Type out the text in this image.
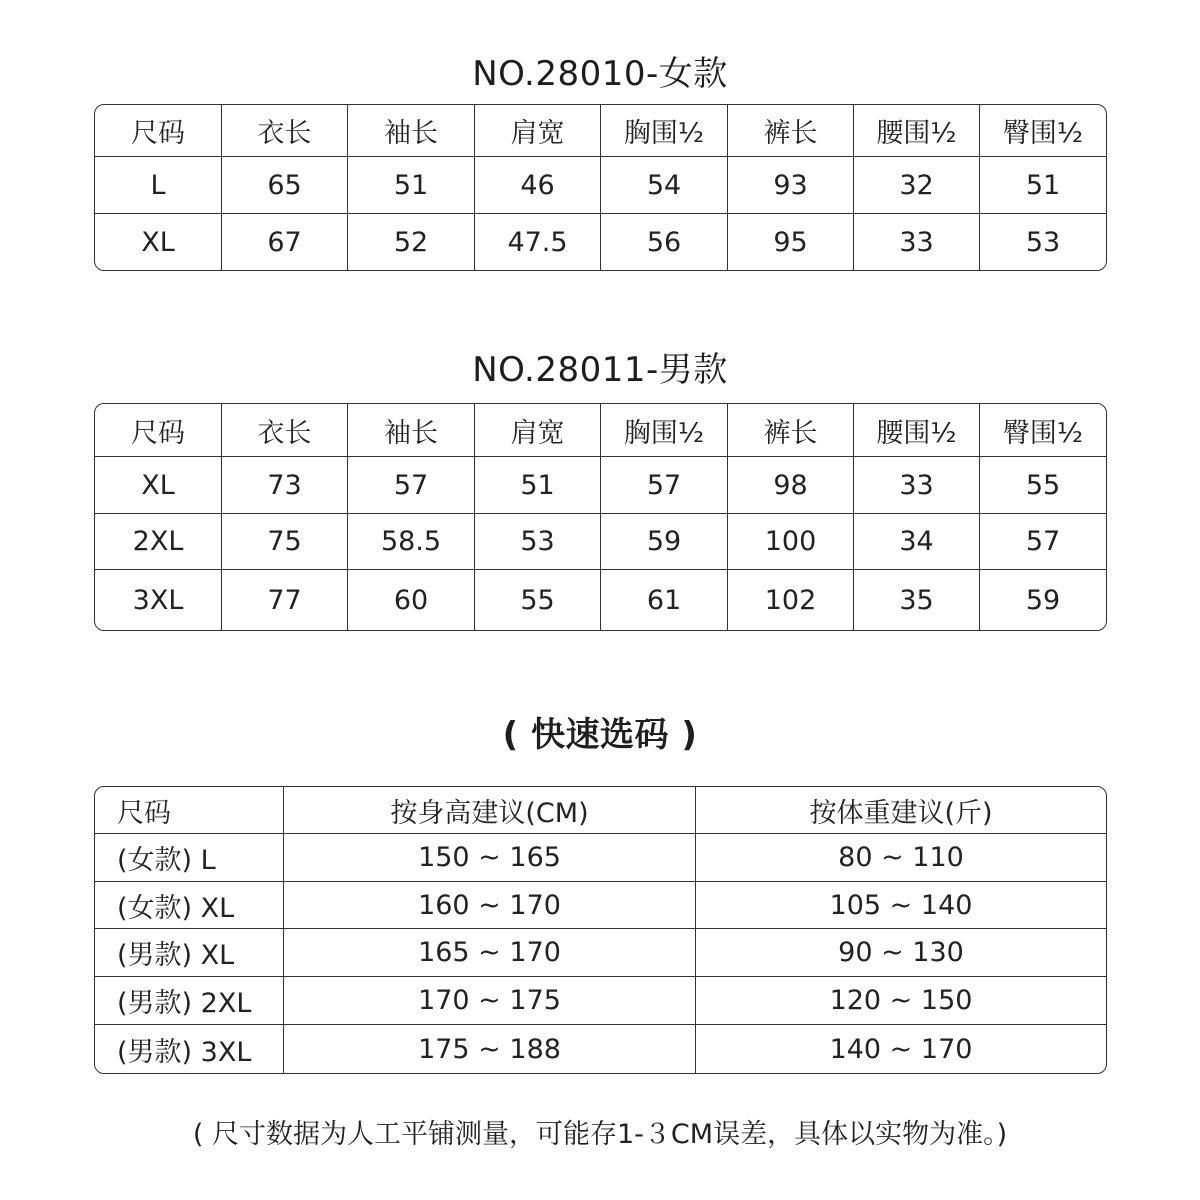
NO.28010-女款
尺码	衣长	袖长	肩宽	胸围½	裤长	腰围½	臀围½
L	65	51	46	54	93	32	51
XL	67	52	47.5	56	95	33	53
NO.28011-男款
尺码	衣长	袖长	肩宽	胸围½	裤长	腰围½	臀围½
XL	73	57	51	57	98	33	55
2XL	75	58.5	53	59	100	34	57
3XL	77	60	55	61	102	35	59
( 快速选码 )
尺码	按身高建议(CM)	按体重建议(斤)
(女款) L	150 ~ 165	80 ~ 110
(女款) XL	160 ~ 170	105 ~ 140
(男款) XL	165 ~ 170	90 ~ 130
(男款) 2XL	170 ~ 175	120 ~ 150
(男款) 3XL	175 ~ 188	140 ~ 170
( 尺寸数据为人工平铺测量，可能存1-３CM误差，具体以实物为准。)
